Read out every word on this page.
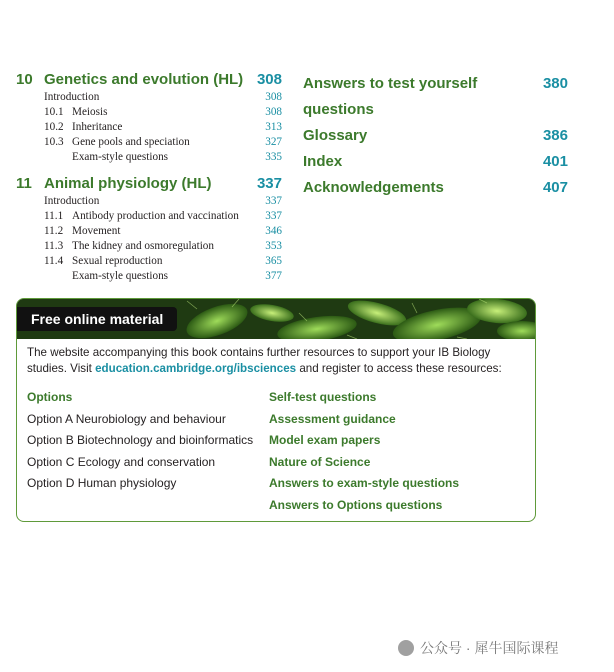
10 Genetics and evolution (HL) 308
Introduction	308
10.1 Meiosis	308
10.2 Inheritance	313
10.3 Gene pools and speciation	327
Exam-style questions	335
11 Animal physiology (HL)	337
Introduction	337
11.1 Antibody production and vaccination 337
11.2 Movement	346
11.3 The kidney and osmoregulation	353
11.4 Sexual reproduction	365
Exam-style questions	377
Answers to test yourself questions
380
Glossary	386
Index	401
Acknowledgements	407
Free online material
The website accompanying this book contains further resources to support your IB Biology studies. Visit education.cambridge.org/ibsciences and register to access these resources:
Options
Option A Neurobiology and behaviour
Option B Biotechnology and bioinformatics
Option C Ecology and conservation
Option D Human physiology
Self-test questions
Assessment guidance
Model exam papers
Nature of Science
Answers to exam-style questions
Answers to Options questions
公众号 · 犀牛国际课程
